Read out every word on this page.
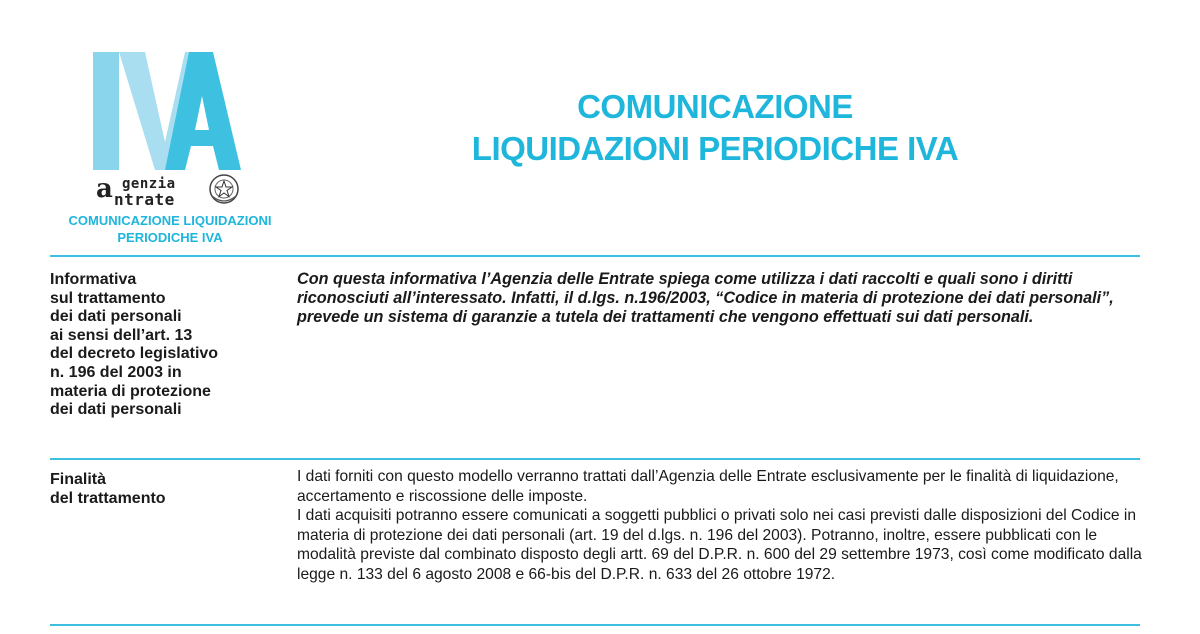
a genzia
ntrate
COMUNICAZIONE LIQUIDAZIONI
PERIODICHE IVA
COMUNICAZIONE
LIQUIDAZIONI PERIODICHE IVA
Informativa
sul trattamento
dei dati personali
ai sensi dell’art. 13
del decreto legislativo
n. 196 del 2003 in
materia di protezione
dei dati personali
Con questa informativa l’Agenzia delle Entrate spiega come utilizza i dati raccolti e quali sono i diritti riconosciuti all’interessato. Infatti, il d.lgs. n.196/2003, “Codice in materia di protezione dei dati personali”, prevede un sistema di garanzie a tutela dei trattamenti che vengono effettuati sui dati personali.
Finalità
del trattamento

I dati forniti con questo modello verranno trattati dall’Agenzia delle Entrate esclusivamente per le finalità di liquidazione, accertamento e riscossione delle imposte.

I dati acquisiti potranno essere comunicati a soggetti pubblici o privati solo nei casi previsti dalle disposizioni del Codice in materia di protezione dei dati personali (art. 19 del d.lgs. n. 196 del 2003). Potranno, inoltre, essere pubblicati con le modalità previste dal combinato disposto degli artt. 69 del D.P.R. n. 600 del 29 settembre 1973, così come modificato dalla legge n. 133 del 6 agosto 2008 e 66-bis del D.P.R. n. 633 del 26 ottobre 1972.
